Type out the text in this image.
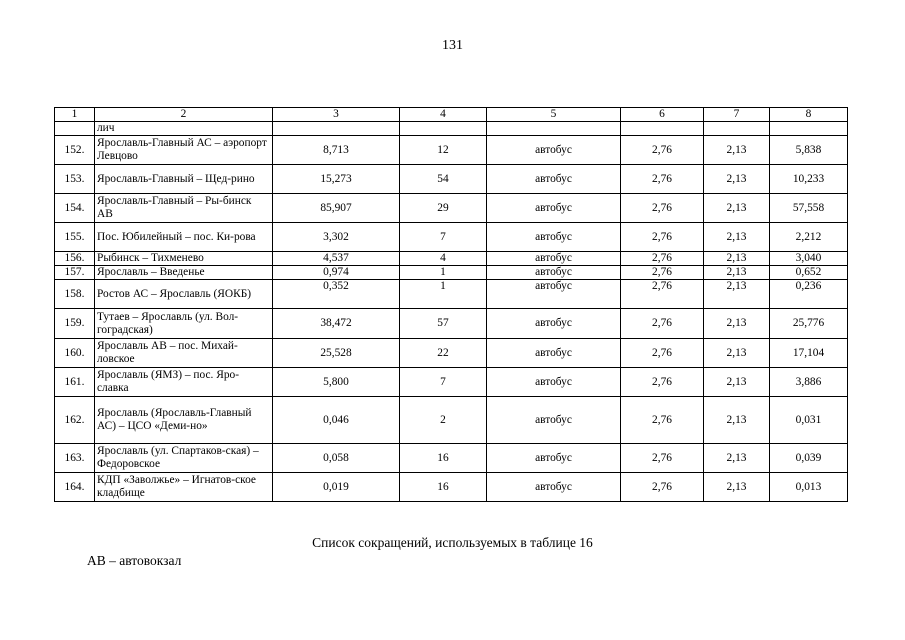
131
1	2	3	4	5	6	7	8
	лич						
152.	Ярославль-Главный АС – аэропорт Левцово	8,713	12	автобус	2,76	2,13	5,838
153.	Ярославль-Главный – Щед-рино	15,273	54	автобус	2,76	2,13	10,233
154.	Ярославль-Главный – Ры-бинск АВ	85,907	29	автобус	2,76	2,13	57,558
155.	Пос. Юбилейный – пос. Ки-рова	3,302	7	автобус	2,76	2,13	2,212
156.	Рыбинск – Тихменево	4,537	4	автобус	2,76	2,13	3,040
157.	Ярославль – Введенье	0,974	1	автобус	2,76	2,13	0,652
158.	Ростов АС – Ярославль (ЯОКБ)	0,352	1	автобус	2,76	2,13	0,236
159.	Тутаев – Ярославль (ул. Вол-гоградская)	38,472	57	автобус	2,76	2,13	25,776
160.	Ярославль АВ – пос. Михай-ловское	25,528	22	автобус	2,76	2,13	17,104
161.	Ярославль (ЯМЗ) – пос. Яро-славка	5,800	7	автобус	2,76	2,13	3,886
162.	Ярославль (Ярославль-Главный АС) – ЦСО «Деми-но»	0,046	2	автобус	2,76	2,13	0,031
163.	Ярославль (ул. Спартаков-ская) – Федоровское	0,058	16	автобус	2,76	2,13	0,039
164.	КДП «Заволжье» – Игнатов-ское кладбище	0,019	16	автобус	2,76	2,13	0,013
Список сокращений, используемых в таблице 16
АВ – автовокзал
